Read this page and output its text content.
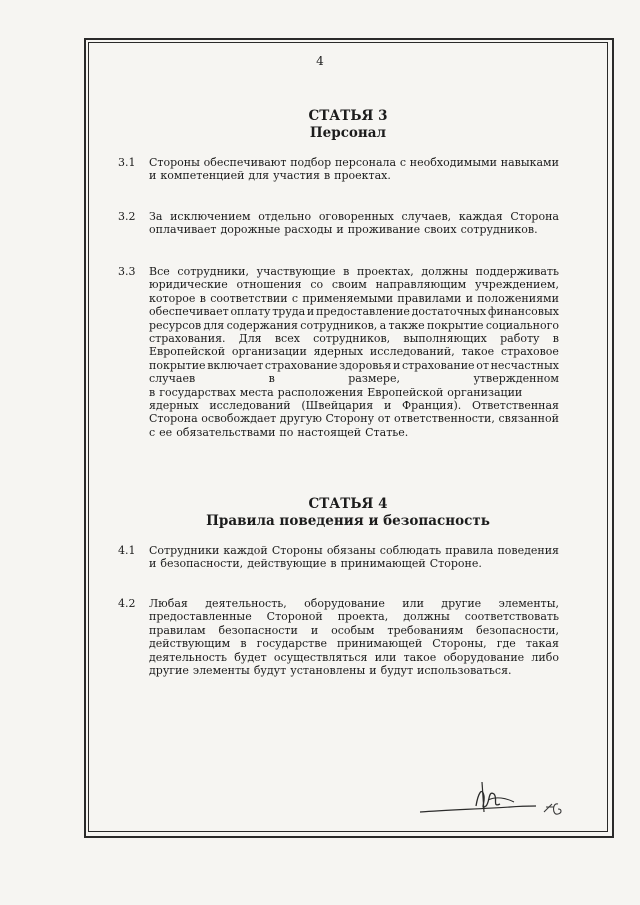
4
СТАТЬЯ 3
Персонал
3.1 Стороны обеспечивают подбор персонала с необходимыми навыками
и компетенцией для участия в проектах.
3.2 За исключением отдельно оговоренных случаев, каждая Сторона
оплачивает дорожные расходы и проживание своих сотрудников.
3.3 Все сотрудники, участвующие в проектах, должны поддерживать
юридические отношения со своим направляющим учреждением,
которое в соответствии с применяемыми правилами и положениями
обеспечивает оплату труда и предоставление достаточных финансовых
ресурсов для содержания сотрудников, а также покрытие социального
страхования. Для всех сотрудников, выполняющих работу в
Европейской организации ядерных исследований, такое страховое
покрытие включает страхование здоровья и страхование от несчастных
случаев	в	размере,	утвержденном
в государствах места расположения Европейской организации
ядерных исследований (Швейцария и Франция). Ответственная
Сторона освобождает другую Сторону от ответственности, связанной
с ее обязательствами по настоящей Статье.
СТАТЬЯ 4
Правила поведения и безопасность
4.1 Сотрудники каждой Стороны обязаны соблюдать правила поведения
и безопасности, действующие в принимающей Стороне.
4.2 Любая деятельность, оборудование или другие элементы,
предоставленные Стороной проекта, должны соответствовать
правилам безопасности и особым требованиям безопасности,
действующим в государстве принимающей Стороны, где такая
деятельность будет осуществляться или такое оборудование либо
другие элементы будут установлены и будут использоваться.
